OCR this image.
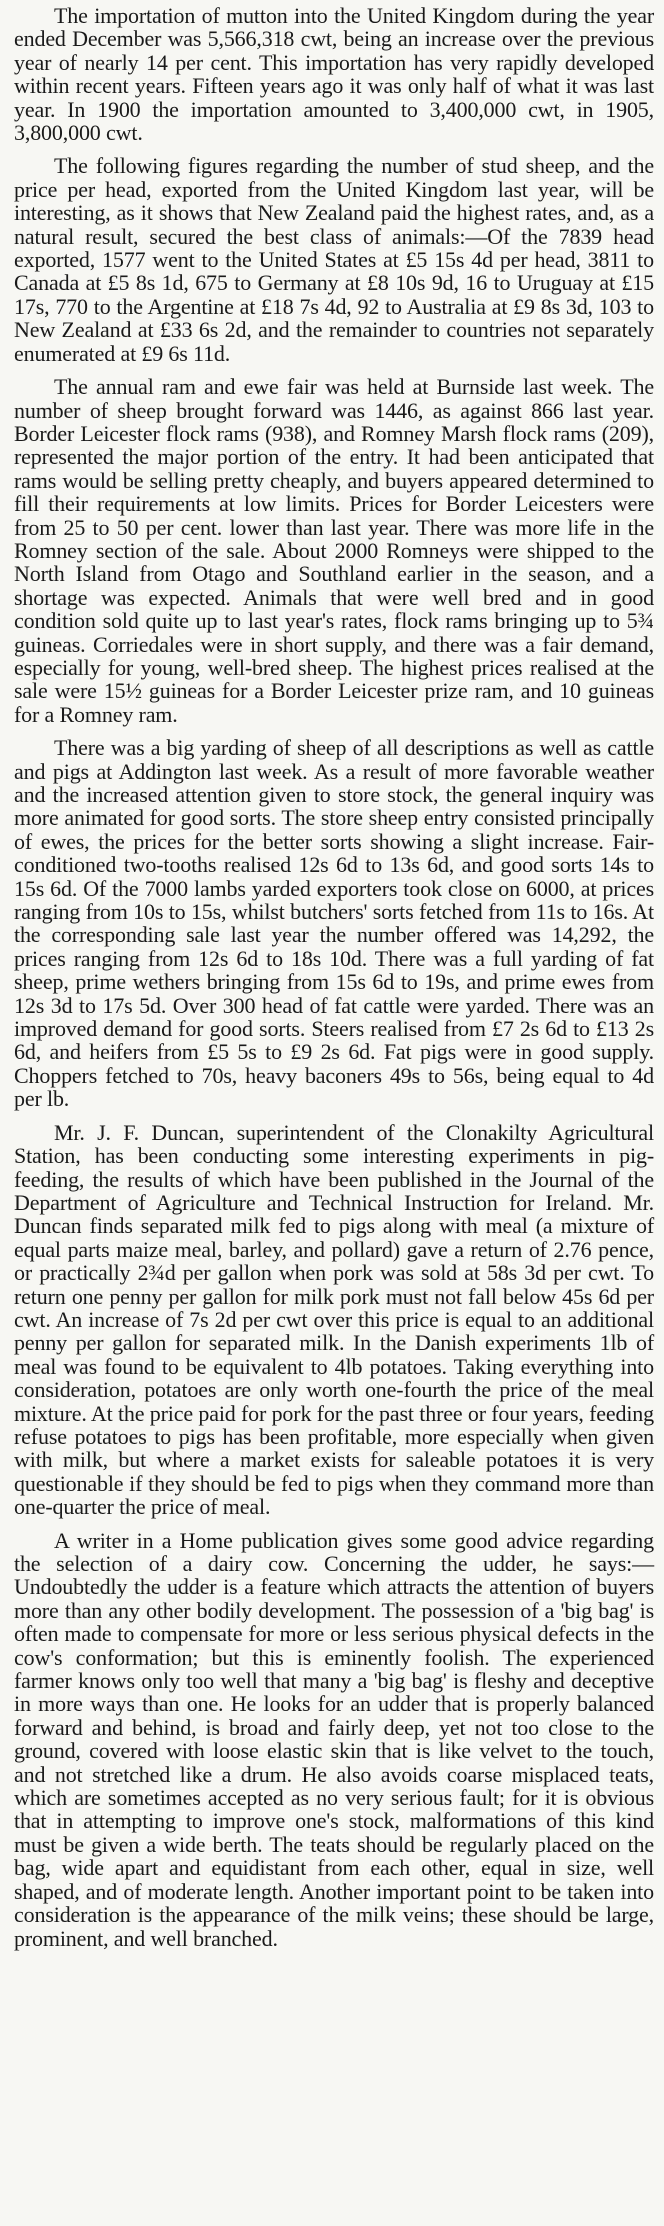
The importation of mutton into the United Kingdom during the year ended December was 5,566,318 cwt, being an increase over the previous year of nearly 14 per cent. This importation has very rapidly developed within recent years. Fifteen years ago it was only half of what it was last year. In 1900 the importation amounted to 3,400,000 cwt, in 1905, 3,800,000 cwt.

The following figures regarding the number of stud sheep, and the price per head, exported from the United Kingdom last year, will be interesting, as it shows that New Zealand paid the highest rates, and, as a natural result, secured the best class of animals:—Of the 7839 head exported, 1577 went to the United States at £5 15s 4d per head, 3811 to Canada at £5 8s 1d, 675 to Germany at £8 10s 9d, 16 to Uruguay at £15 17s, 770 to the Argentine at £18 7s 4d, 92 to Australia at £9 8s 3d, 103 to New Zealand at £33 6s 2d, and the remainder to countries not separately enumerated at £9 6s 11d.

The annual ram and ewe fair was held at Burnside last week. The number of sheep brought forward was 1446, as against 866 last year. Border Leicester flock rams (938), and Romney Marsh flock rams (209), represented the major portion of the entry. It had been anticipated that rams would be selling pretty cheaply, and buyers appeared determined to fill their requirements at low limits. Prices for Border Leicesters were from 25 to 50 per cent. lower than last year. There was more life in the Romney section of the sale. About 2000 Romneys were shipped to the North Island from Otago and Southland earlier in the season, and a shortage was expected. Animals that were well bred and in good condition sold quite up to last year's rates, flock rams bringing up to 5¾ guineas. Corriedales were in short supply, and there was a fair demand, especially for young, well-bred sheep. The highest prices realised at the sale were 15½ guineas for a Border Leicester prize ram, and 10 guineas for a Romney ram.

There was a big yarding of sheep of all descriptions as well as cattle and pigs at Addington last week. As a result of more favorable weather and the increased attention given to store stock, the general inquiry was more animated for good sorts. The store sheep entry consisted principally of ewes, the prices for the better sorts showing a slight increase. Fair-conditioned two-tooths realised 12s 6d to 13s 6d, and good sorts 14s to 15s 6d. Of the 7000 lambs yarded exporters took close on 6000, at prices ranging from 10s to 15s, whilst butchers' sorts fetched from 11s to 16s. At the corresponding sale last year the number offered was 14,292, the prices ranging from 12s 6d to 18s 10d. There was a full yarding of fat sheep, prime wethers bringing from 15s 6d to 19s, and prime ewes from 12s 3d to 17s 5d. Over 300 head of fat cattle were yarded. There was an improved demand for good sorts. Steers realised from £7 2s 6d to £13 2s 6d, and heifers from £5 5s to £9 2s 6d. Fat pigs were in good supply. Choppers fetched to 70s, heavy baconers 49s to 56s, being equal to 4d per lb.

Mr. J. F. Duncan, superintendent of the Clonakilty Agricultural Station, has been conducting some interesting experiments in pig-feeding, the results of which have been published in the Journal of the Department of Agriculture and Technical Instruction for Ireland. Mr. Duncan finds separated milk fed to pigs along with meal (a mixture of equal parts maize meal, barley, and pollard) gave a return of 2.76 pence, or practically 2¾d per gallon when pork was sold at 58s 3d per cwt. To return one penny per gallon for milk pork must not fall below 45s 6d per cwt. An increase of 7s 2d per cwt over this price is equal to an additional penny per gallon for separated milk. In the Danish experiments 1lb of meal was found to be equivalent to 4lb potatoes. Taking everything into consideration, potatoes are only worth one-fourth the price of the meal mixture. At the price paid for pork for the past three or four years, feeding refuse potatoes to pigs has been profitable, more especially when given with milk, but where a market exists for saleable potatoes it is very questionable if they should be fed to pigs when they command more than one-quarter the price of meal.

A writer in a Home publication gives some good advice regarding the selection of a dairy cow. Concerning the udder, he says:—Undoubtedly the udder is a feature which attracts the attention of buyers more than any other bodily development. The possession of a 'big bag' is often made to compensate for more or less serious physical defects in the cow's conformation; but this is eminently foolish. The experienced farmer knows only too well that many a 'big bag' is fleshy and deceptive in more ways than one. He looks for an udder that is properly balanced forward and behind, is broad and fairly deep, yet not too close to the ground, covered with loose elastic skin that is like velvet to the touch, and not stretched like a drum. He also avoids coarse misplaced teats, which are sometimes accepted as no very serious fault; for it is obvious that in attempting to improve one's stock, malformations of this kind must be given a wide berth. The teats should be regularly placed on the bag, wide apart and equidistant from each other, equal in size, well shaped, and of moderate length. Another important point to be taken into consideration is the appearance of the milk veins; these should be large, prominent, and well branched.
